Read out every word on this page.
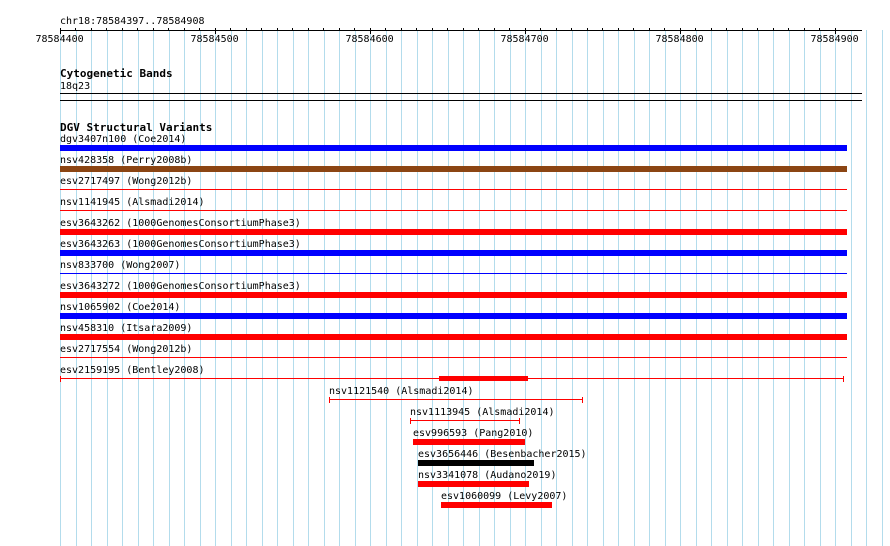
chr18:78584397..78584908
78584400	78584500	78584600	78584700	78584800	78584900
Cytogenetic Bands
18q23
DGV Structural Variants
dgv3407n100 (Coe2014)
nsv428358 (Perry2008b)
esv2717497 (Wong2012b)
nsv1141945 (Alsmadi2014)
esv3643262 (1000GenomesConsortiumPhase3)
esv3643263 (1000GenomesConsortiumPhase3)
nsv833700 (Wong2007)
esv3643272 (1000GenomesConsortiumPhase3)
nsv1065902 (Coe2014)
nsv458310 (Itsara2009)
esv2717554 (Wong2012b)
esv2159195 (Bentley2008)
nsv1121540 (Alsmadi2014)
nsv1113945 (Alsmadi2014)
esv996593 (Pang2010)
esv3656446 (Besenbacher2015)
nsv3341078 (Audano2019)
esv1060099 (Levy2007)
